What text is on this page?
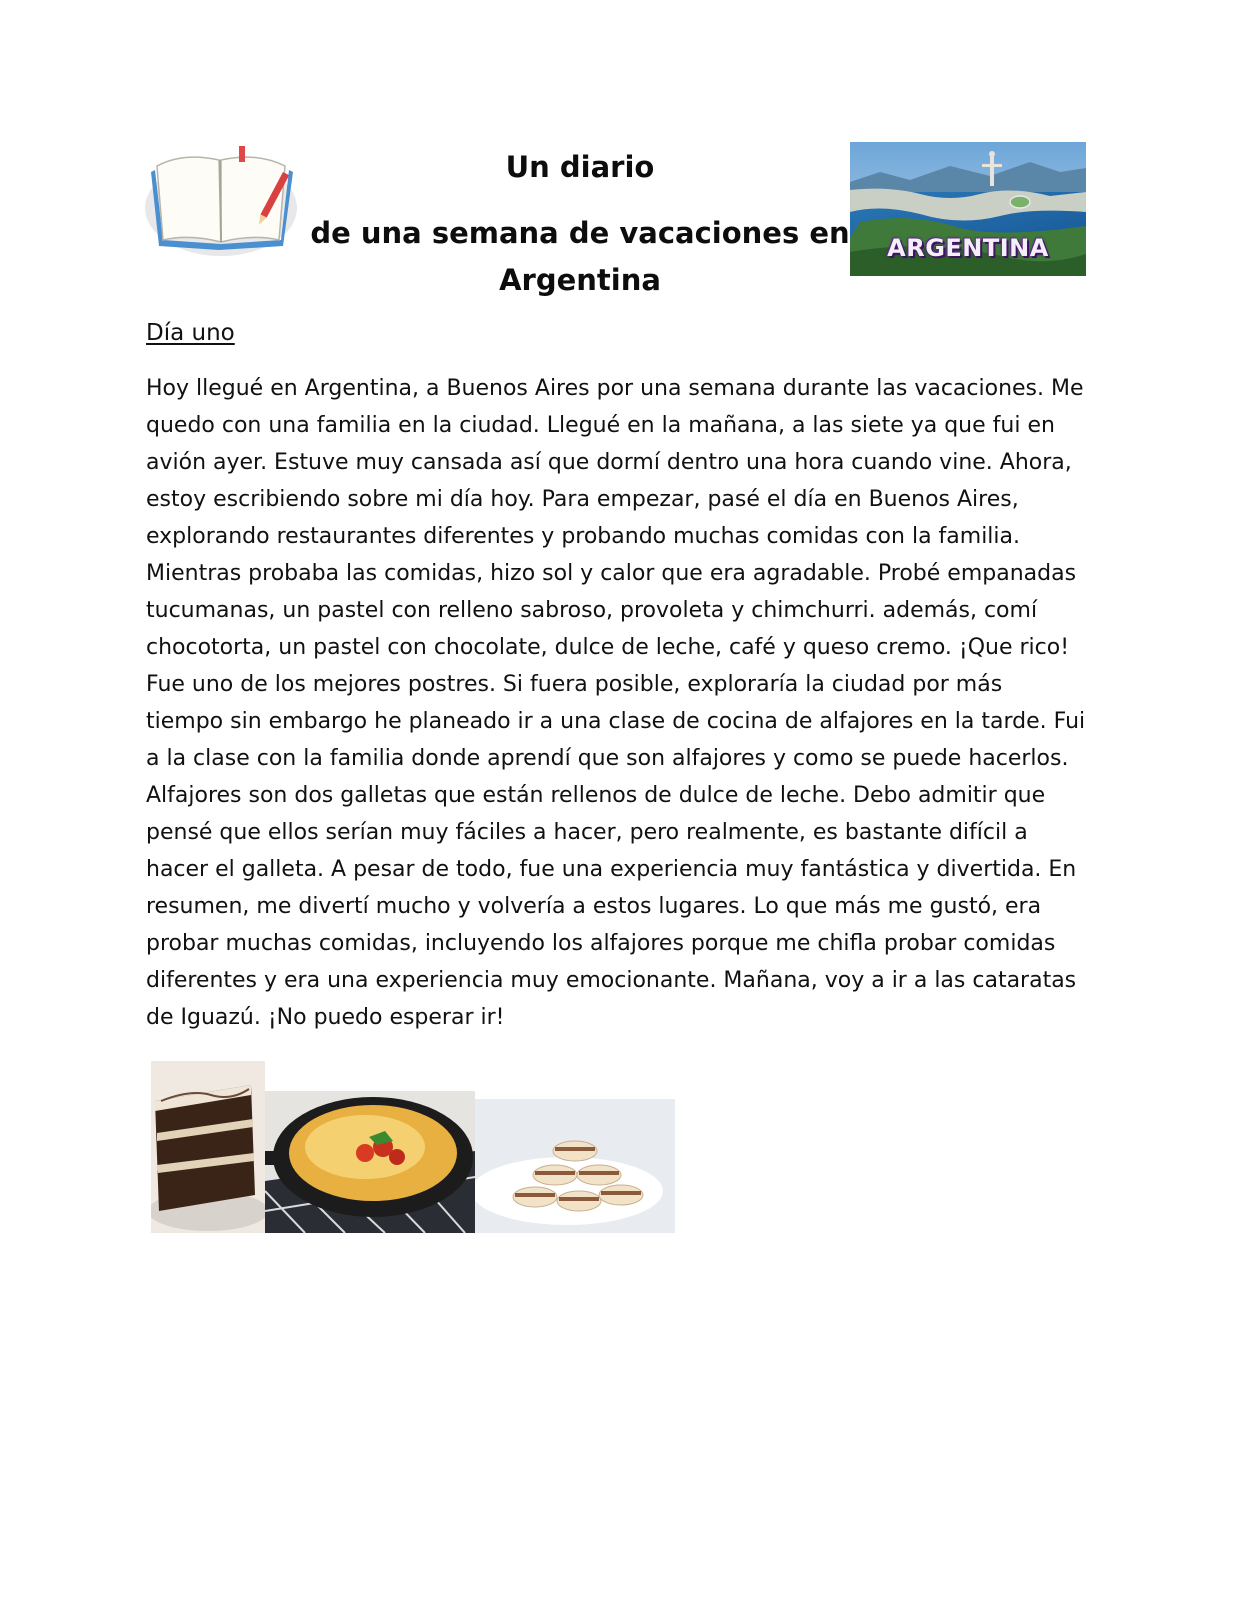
Un diario

de una semana de vacaciones en Argentina

ARGENTINA

Día uno

Hoy llegué en Argentina, a Buenos Aires por una semana durante las vacaciones. Me quedo con una familia en la ciudad. Llegué en la mañana, a las siete ya que fui en avión ayer. Estuve muy cansada así que dormí dentro una hora cuando vine. Ahora, estoy escribiendo sobre mi día hoy. Para empezar, pasé el día en Buenos Aires, explorando restaurantes diferentes y probando muchas comidas con la familia. Mientras probaba las comidas, hizo sol y calor que era agradable. Probé empanadas tucumanas, un pastel con relleno sabroso, provoleta y chimchurri. además, comí chocotorta, un pastel con chocolate, dulce de leche, café y queso cremo. ¡Que rico! Fue uno de los mejores postres. Si fuera posible, exploraría la ciudad por más tiempo sin embargo he planeado ir a una clase de cocina de alfajores en la tarde. Fui a la clase con la familia donde aprendí que son alfajores y como se puede hacerlos. Alfajores son dos galletas que están rellenos de dulce de leche. Debo admitir que pensé que ellos serían muy fáciles a hacer, pero realmente, es bastante difícil a hacer el galleta. A pesar de todo, fue una experiencia muy fantástica y divertida. En resumen, me divertí mucho y volvería a estos lugares. Lo que más me gustó, era probar muchas comidas, incluyendo los alfajores porque me chifla probar comidas diferentes y era una experiencia muy emocionante. Mañana, voy a ir a las cataratas de Iguazú. ¡No puedo esperar ir!
